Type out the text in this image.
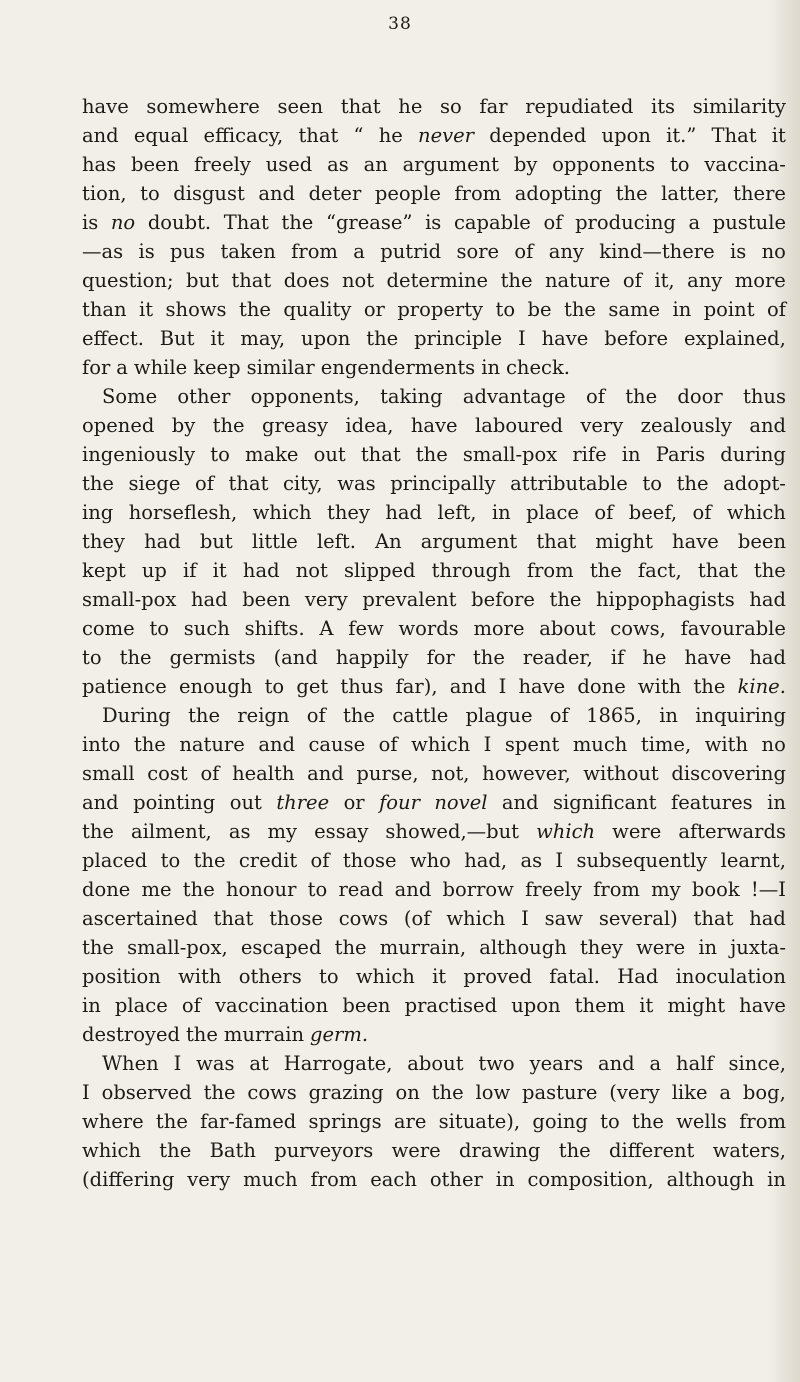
38
have somewhere seen that he so far repudiated its similarity
and equal efficacy, that “ he never depended upon it.” That it
has been freely used as an argument by opponents to vaccina-
tion, to disgust and deter people from adopting the latter, there
is no doubt. That the “grease” is capable of producing a pustule
—as is pus taken from a putrid sore of any kind—there is no
question; but that does not determine the nature of it, any more
than it shows the quality or property to be the same in point of
effect. But it may, upon the principle I have before explained,
for a while keep similar engenderments in check.
Some other opponents, taking advantage of the door thus
opened by the greasy idea, have laboured very zealously and
ingeniously to make out that the small-pox rife in Paris during
the siege of that city, was principally attributable to the adopt-
ing horseflesh, which they had left, in place of beef, of which
they had but little left. An argument that might have been
kept up if it had not slipped through from the fact, that the
small-pox had been very prevalent before the hippophagists had
come to such shifts. A few words more about cows, favourable
to the germists (and happily for the reader, if he have had
patience enough to get thus far), and I have done with the kine.
During the reign of the cattle plague of 1865, in inquiring
into the nature and cause of which I spent much time, with no
small cost of health and purse, not, however, without discovering
and pointing out three or four novel and significant features in
the ailment, as my essay showed,—but which were afterwards
placed to the credit of those who had, as I subsequently learnt,
done me the honour to read and borrow freely from my book !—I
ascertained that those cows (of which I saw several) that had
the small-pox, escaped the murrain, although they were in juxta-
position with others to which it proved fatal. Had inoculation
in place of vaccination been practised upon them it might have
destroyed the murrain germ.
When I was at Harrogate, about two years and a half since,
I observed the cows grazing on the low pasture (very like a bog,
where the far-famed springs are situate), going to the wells from
which the Bath purveyors were drawing the different waters,
(differing very much from each other in composition, although in
